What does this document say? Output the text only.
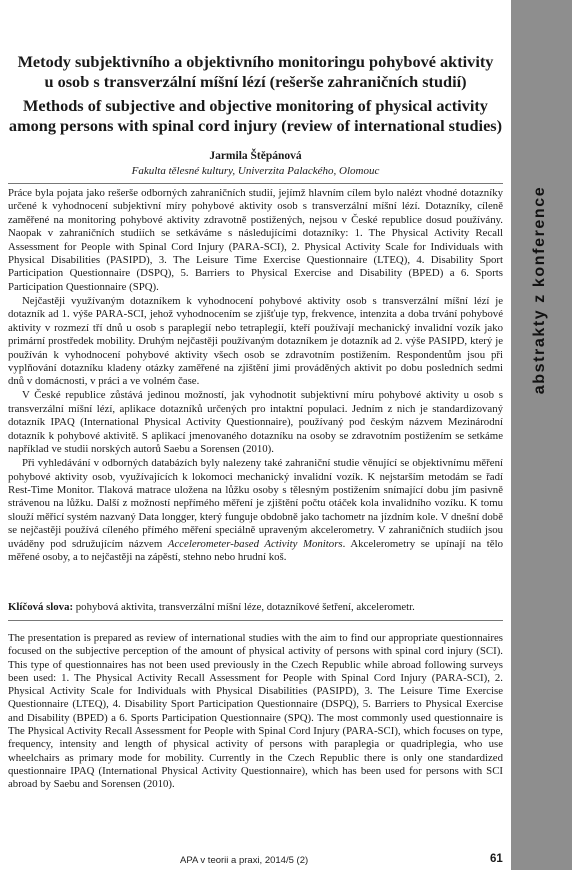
abstrakty z konference

Metody subjektivního a objektivního monitoringu pohybové aktivity

u osob s transverzální míšní lézí (rešerše zahraničních studií)

Methods of subjective and objective monitoring of physical activity

among persons with spinal cord injury (review of international studies)

Jarmila Štěpánová

Fakulta tělesné kultury, Univerzita Palackého, Olomouc

Práce byla pojata jako rešerše odborných zahraničních studií, jejímž hlavním cílem bylo nalézt vhodné dotazníky určené k vyhodnocení subjektivní míry pohybové aktivity osob s transverzální míšní lézí. Dotazníky, cíleně zaměřené na monitoring pohybové aktivity zdravotně postižených, nejsou v České republice dosud používány. Naopak v zahraničních studiích se setkáváme s následujícími dotazníky: 1. The Physical Activity Recall Assessment for People with Spinal Cord Injury (PARA-SCI), 2. Physical Activity Scale for Individuals with Physical Disabilities (PASIPD), 3. The Leisure Time Exercise Questionnaire (LTEQ), 4. Disability Sport Participation Questionnaire (DSPQ), 5. Barriers to Physical Exercise and Disability (BPED) a 6. Sports Participation Questionnaire (SPQ).

Nejčastěji využívaným dotazníkem k vyhodnocení pohybové aktivity osob s transverzální míšní lézí je dotazník ad 1. výše PARA-SCI, jehož vyhodnocením se zjišťuje typ, frekvence, intenzita a doba trvání pohybové aktivity v rozmezí tří dnů u osob s paraplegií nebo tetraplegií, kteří používají mechanický invalidní vozík jako primární prostředek mobility. Druhým nejčastěji používaným dotazníkem je dotazník ad 2. výše PASIPD, který je používán k vyhodnocení pohybové aktivity všech osob se zdravotním postižením. Respondentům jsou při vyplňování dotazníku kladeny otázky zaměřené na zjištění jimi prováděných aktivit po dobu posledních sedmi dnů v domácnosti, v práci a ve volném čase.

V České republice zůstává jedinou možností, jak vyhodnotit subjektivní míru pohybové aktivity u osob s transverzální míšní lézí, aplikace dotazníků určených pro intaktní populaci. Jedním z nich je standardizovaný dotazník IPAQ (International Physical Activity Questionnaire), používaný pod českým názvem Mezinárodní dotazník k pohybové aktivitě. S aplikací jmenovaného dotazníku na osoby se zdravotním postižením se setkáme například ve studii norských autorů Saebu a Sorensen (2010).

Při vyhledávání v odborných databázích byly nalezeny také zahraniční studie věnující se objektivnímu měření pohybové aktivity osob, využívajících k lokomoci mechanický invalidní vozík. K nejstarším metodám se řadí Rest-Time Monitor. Tlaková matrace uložena na lůžku osoby s tělesným postižením snímající dobu jím pasivně strávenou na lůžku. Další z možností nepřímého měření je zjištění počtu otáček kola invalidního vozíku. K tomu slouží měřicí systém nazvaný Data longger, který funguje obdobně jako tachometr na jízdním kole. V dnešní době se nejčastěji používá cíleného přímého měření speciálně upraveným akcelerometry. V zahraničních studiích jsou uváděny pod sdružujícím názvem Accelerometer-based Activity Monitors. Akcelerometry se upínají na tělo měřené osoby, a to nejčastěji na zápěstí, stehno nebo hrudní koš.

Klíčová slova: pohybová aktivita, transverzální míšní léze, dotazníkové šetření, akcelerometr.

The presentation is prepared as review of international studies with the aim to find our appropriate questionnaires focused on the subjective perception of the amount of physical activity of persons with spinal cord injury (SCI). This type of questionnaires has not been used previously in the Czech Republic while abroad following surveys been used: 1. The Physical Activity Recall Assessment for People with Spinal Cord Injury (PARA-SCI), 2. Physical Activity Scale for Individuals with Physical Disabilities (PASIPD), 3. The Leisure Time Exercise Questionnaire (LTEQ), 4. Disability Sport Participation Questionnaire (DSPQ), 5. Barriers to Physical Exercise and Disability (BPED) a 6. Sports Participation Questionnaire (SPQ). The most commonly used questionnaire is The Physical Activity Recall Assessment for People with Spinal Cord Injury (PARA-SCI), which focuses on type, frequency, intensity and length of physical activity of persons with paraplegia or quadriplegia, who use wheelchairs as primary mode for mobility. Currently in the Czech Republic there is only one standardized questionnaire IPAQ (International Physical Activity Questionnaire), which has been used for persons with SCI abroad by Saebu and Sorensen (2010).

APA v teorii a praxi, 2014/5 (2)	61
